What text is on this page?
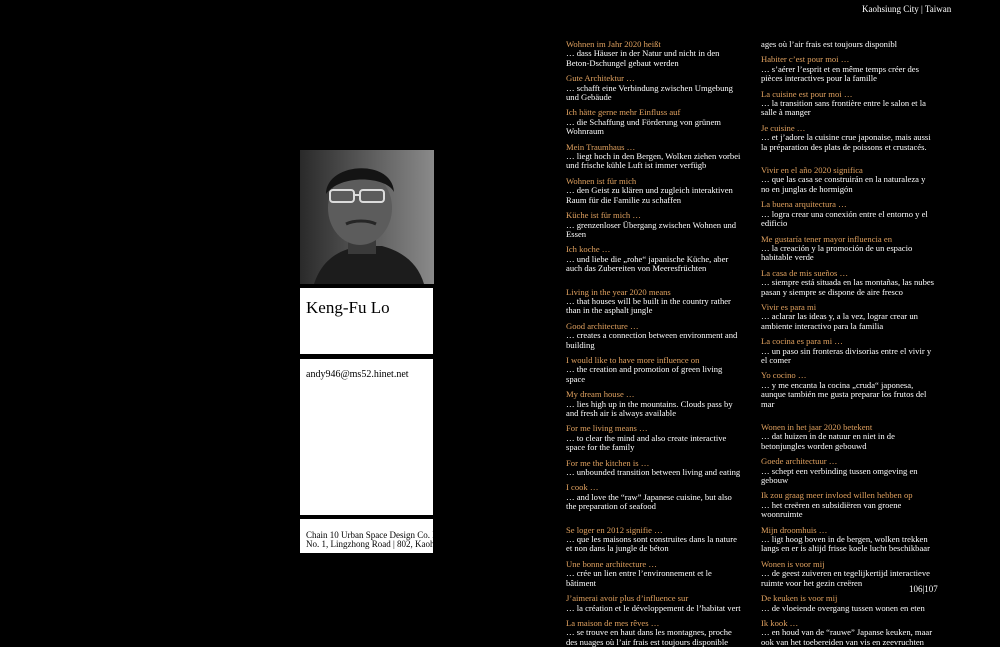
Kaohsiung City | Taiwan
Keng-Fu Lo
andy946@ms52.hinet.net
Chain 10 Urban Space Design Co. Lt
No. 1, Lingzhong Road | 802, Kaohsiu
Wohnen im Jahr 2020 heißt
… dass Häuser in der Natur und nicht in den Beton-Dschungel gebaut werden
Gute Architektur …
… schafft eine Verbindung zwischen Umgebung und Gebäude
Ich hätte gerne mehr Einfluss auf
… die Schaffung und Förderung von grünem Wohnraum
Mein Traumhaus …
… liegt hoch in den Bergen, Wolken ziehen vorbei und frische kühle Luft ist immer verfügb
Wohnen ist für mich
… den Geist zu klären und zugleich interaktiven Raum für die Familie zu schaffen
Küche ist für mich …
… grenzenloser Übergang zwischen Wohnen und Essen
Ich koche …
… und liebe die „rohe“ japanische Küche, aber auch das Zubereiten von Meeresfrüchten
Living in the year 2020 means
… that houses will be built in the country rather than in the asphalt jungle
Good architecture …
… creates a connection between environment and building
I would like to have more influence on
… the creation and promotion of green living space
My dream house …
… lies high up in the mountains. Clouds pass by and fresh air is always available
For me living means …
… to clear the mind and also create interactive space for the family
For me the kitchen is …
… unbounded transition between living and eating
I cook …
… and love the “raw” Japanese cuisine, but also the preparation of seafood
Se loger en 2012 signifie …
… que les maisons sont construites dans la nature et non dans la jungle de béton
Une bonne architecture …
… crée un lien entre l’environnement et le bâtiment
J’aimerai avoir plus d’influence sur
… la création et le développement de l’habitat vert
La maison de mes rêves …
… se trouve en haut dans les montagnes, proche des nuages où l’air frais est toujours disponible
ages où l’air frais est toujours disponibl
Habiter c’est pour moi …
… s’aérer l’esprit et en même temps créer des pièces interactives pour la famille
La cuisine est pour moi …
… la transition sans frontière entre le salon et la salle à manger
Je cuisine …
… et j’adore la cuisine crue japonaise, mais aussi la préparation des plats de poissons et crustacés.
Vivir en el año 2020 significa
… que las casa se construirán en la naturaleza y no en junglas de hormigón
La buena arquitectura …
… logra crear una conexión entre el entorno y el edificio
Me gustaría tener mayor influencia en
… la creación y la promoción de un espacio habitable verde
La casa de mis sueños …
… siempre está situada en las montañas, las nubes pasan y siempre se dispone de aire fresco
Vivir es para mi
… aclarar las ideas y, a la vez, lograr crear un ambiente interactivo para la familia
La cocina es para mi …
… un paso sin fronteras divisorias entre el vivir y el comer
Yo cocino …
… y me encanta la cocina „cruda“ japonesa, aunque también me gusta preparar los frutos del mar
Wonen in het jaar 2020 betekent
… dat huizen in de natuur en niet in de betonjungles worden gebouwd
Goede architectuur …
… schept een verbinding tussen omgeving en gebouw
Ik zou graag meer invloed willen hebben op
… het creëren en subsidiëren van groene woonruimte
Mijn droomhuis …
… ligt hoog boven in de bergen, wolken trekken langs en er is altijd frisse koele lucht beschikbaar
Wonen is voor mij
… de geest zuiveren en tegelijkertijd interactieve ruimte voor het gezin creëren
De keuken is voor mij
… de vloeiende overgang tussen wonen en eten
Ik kook …
… en houd van de “rauwe” Japanse keuken, maar ook van het toebereiden van vis en zeevruchten
106|107
